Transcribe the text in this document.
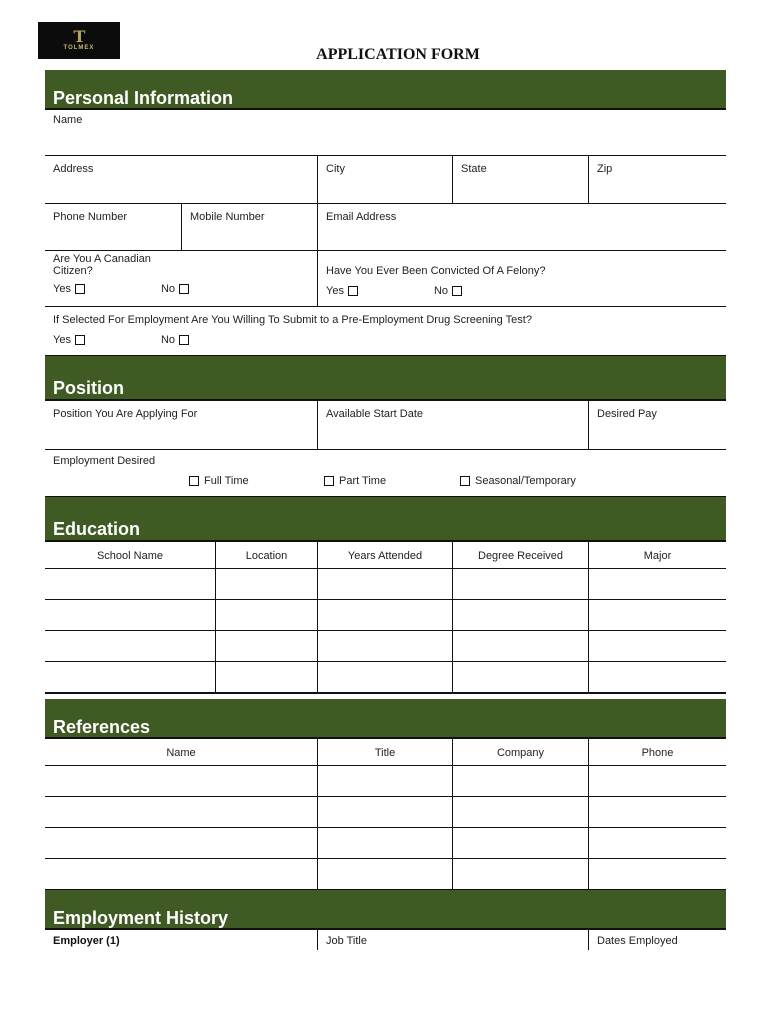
T
TOLMEX	APPLICATION FORM
Personal Information
Name
Address	City	State	Zip
Phone Number	Mobile Number	Email Address
Are You A Canadian Citizen?
Yes	No
Have You Ever Been Convicted Of A Felony?
Yes	No
If Selected For Employment Are You Willing To Submit to a Pre-Employment Drug Screening Test?
Yes	No
Position
Position You Are Applying For	Available Start Date	Desired Pay
Employment Desired
Full Time	Part Time	Seasonal/Temporary
Education
School Name	Location	Years Attended	Degree Received	Major
References
Name	Title	Company	Phone
Employment History
Employer (1)	Job Title	Dates Employed
